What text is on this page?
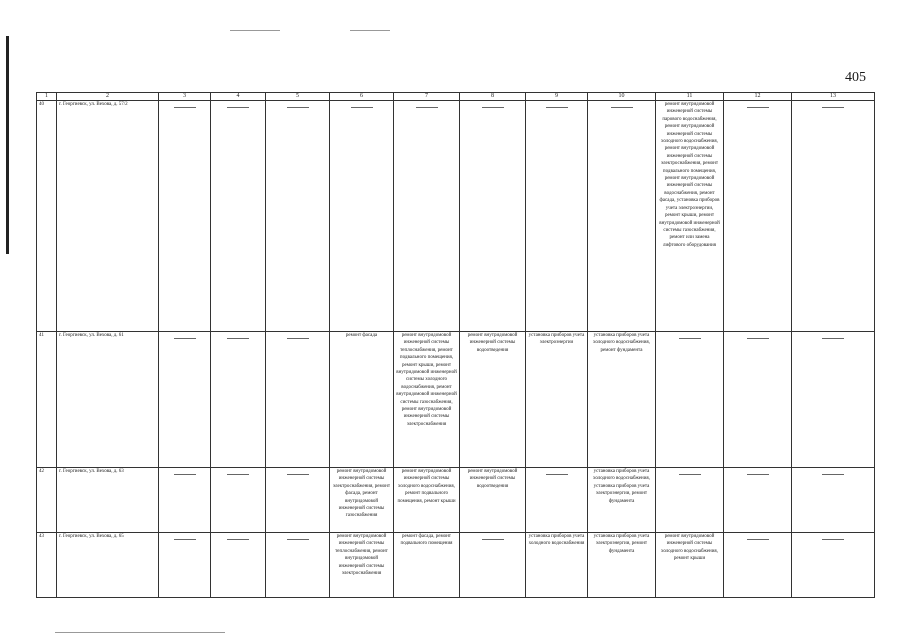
405
1	2	3	4	5	6	7	8	9	10	11	12	13
40	г. Георгиевск, ул. Вехова, д. 57/2									ремонт внутридомовой инженерной системы парового водоснабжения, ремонт внутридомовой инженерной системы холодного водоснабжения, ремонт внутридомовой инженерной системы электроснабжения, ремонт подвального помещения, ремонт внутридомовой инженерной системы водоснабжения, ремонт фасада, установка приборов учета электроэнергии, ремонт крыши, ремонт внутридомовой инженерной системы газоснабжения, ремонт или замена лифтового оборудования	

41	г. Георгиевск, ул. Вехова, д. 61				ремонт фасада	ремонт внутридомовой инженерной системы теплоснабжения, ремонт подвального помещения, ремонт крыши, ремонт внутридомовой инженерной системы холодного водоснабжения, ремонт внутридомовой инженерной системы газоснабжения, ремонт внутридомовой инженерной системы электроснабжения	ремонт внутридомовой инженерной системы водоотведения	установка приборов учета электроэнергии	установка приборов учета холодного водоснабжения, ремонт фундамента	

42	г. Георгиевск, ул. Вехова, д. 63				ремонт внутридомовой инженерной системы электроснабжения, ремонт фасада, ремонт внутридомовой инженерной системы газоснабжения	ремонт внутридомовой инженерной системы холодного водоснабжения, ремонт подвального помещения, ремонт крыши	ремонт внутридомовой инженерной системы водоотведения		установка приборов учета холодного водоснабжения, установка приборов учета электроэнергии, ремонт фундамента	

43	г. Георгиевск, ул. Вехова, д. 65				ремонт внутридомовой инженерной системы теплоснабжения, ремонт внутридомовой инженерной системы электроснабжения	ремонт фасада, ремонт подвального помещения		установка приборов учета холодного водоснабжения	установка приборов учета электроэнергии, ремонт фундамента	ремонт внутридомовой инженерной системы холодного водоснабжения, ремонт крыши	
